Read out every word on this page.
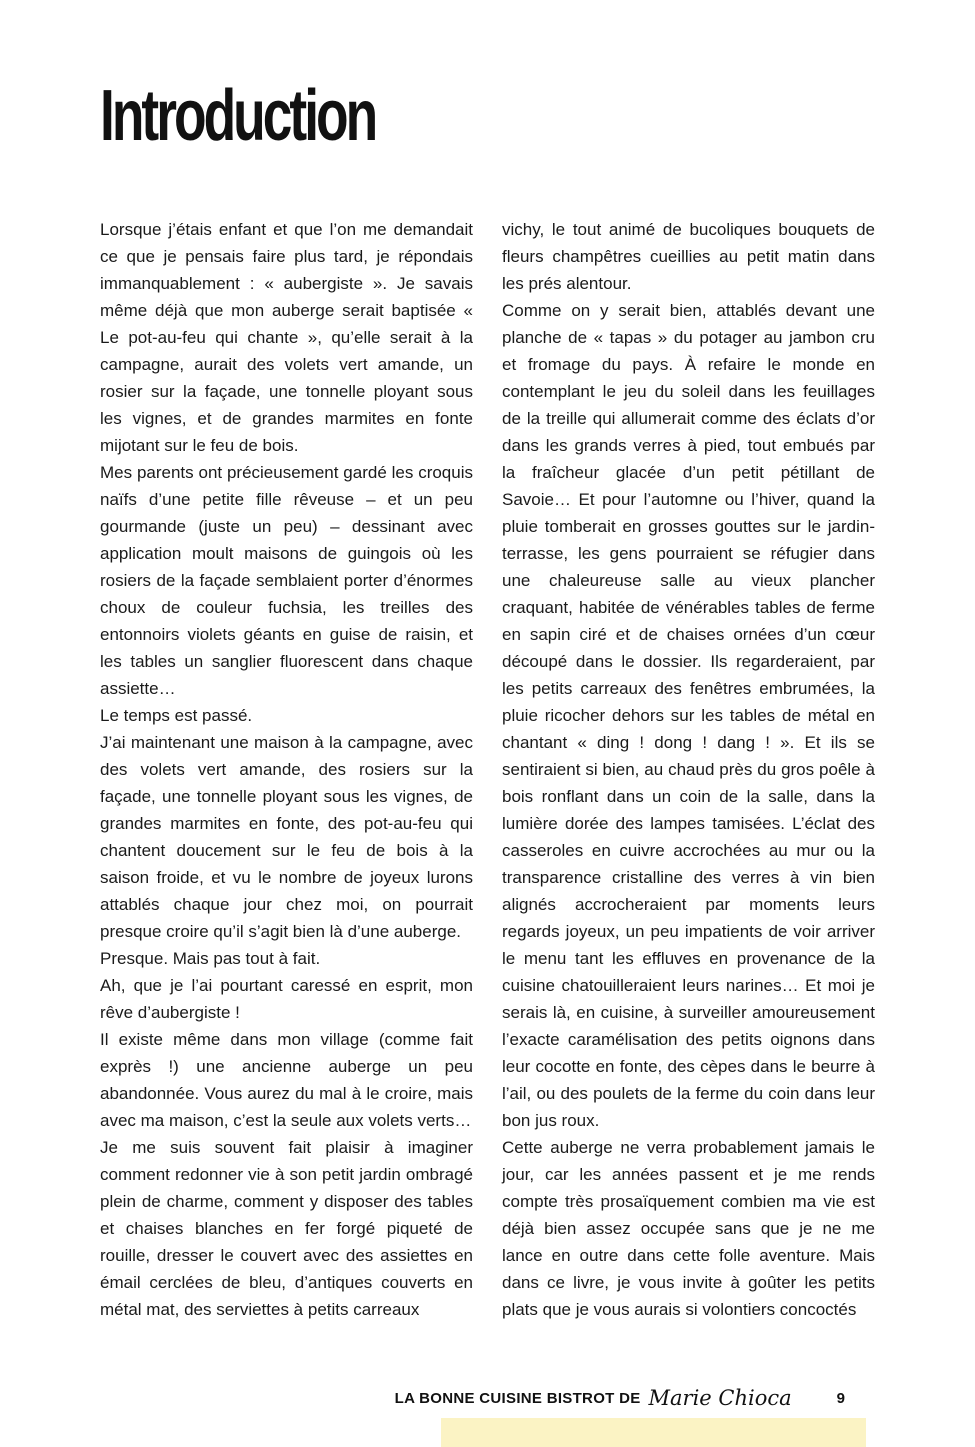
Introduction

Lorsque j’étais enfant et que l’on me demandait ce que je pensais faire plus tard, je répondais immanquablement : « aubergiste ». Je savais même déjà que mon auberge serait baptisée « Le pot-au-feu qui chante », qu’elle serait à la campagne, aurait des volets vert amande, un rosier sur la façade, une tonnelle ployant sous les vignes, et de grandes marmites en fonte mijotant sur le feu de bois.

Mes parents ont précieusement gardé les croquis naïfs d’une petite fille rêveuse – et un peu gourmande (juste un peu) – dessinant avec application moult maisons de guingois où les rosiers de la façade semblaient porter d’énormes choux de couleur fuchsia, les treilles des entonnoirs violets géants en guise de raisin, et les tables un sanglier fluorescent dans chaque assiette…

Le temps est passé.

J’ai maintenant une maison à la campagne, avec des volets vert amande, des rosiers sur la façade, une tonnelle ployant sous les vignes, de grandes marmites en fonte, des pot-au-feu qui chantent doucement sur le feu de bois à la saison froide, et vu le nombre de joyeux lurons attablés chaque jour chez moi, on pourrait presque croire qu’il s’agit bien là d’une auberge.

Presque. Mais pas tout à fait.

Ah, que je l’ai pourtant caressé en esprit, mon rêve d’aubergiste !

Il existe même dans mon village (comme fait exprès !) une ancienne auberge un peu abandonnée. Vous aurez du mal à le croire, mais avec ma maison, c’est la seule aux volets verts…

Je me suis souvent fait plaisir à imaginer comment redonner vie à son petit jardin ombragé plein de charme, comment y disposer des tables et chaises blanches en fer forgé piqueté de rouille, dresser le couvert avec des assiettes en émail cerclées de bleu, d’antiques couverts en métal mat, des serviettes à petits carreaux

vichy, le tout animé de bucoliques bouquets de fleurs champêtres cueillies au petit matin dans les prés alentour.

Comme on y serait bien, attablés devant une planche de « tapas » du potager au jambon cru et fromage du pays. À refaire le monde en contemplant le jeu du soleil dans les feuillages de la treille qui allumerait comme des éclats d’or dans les grands verres à pied, tout embués par la fraîcheur glacée d’un petit pétillant de Savoie… Et pour l’automne ou l’hiver, quand la pluie tomberait en grosses gouttes sur le jardin-terrasse, les gens pourraient se réfugier dans une chaleureuse salle au vieux plancher craquant, habitée de vénérables tables de ferme en sapin ciré et de chaises ornées d’un cœur découpé dans le dossier. Ils regarderaient, par les petits carreaux des fenêtres embrumées, la pluie ricocher dehors sur les tables de métal en chantant « ding ! dong ! dang ! ». Et ils se sentiraient si bien, au chaud près du gros poêle à bois ronflant dans un coin de la salle, dans la lumière dorée des lampes tamisées. L’éclat des casseroles en cuivre accrochées au mur ou la transparence cristalline des verres à vin bien alignés accrocheraient par moments leurs regards joyeux, un peu impatients de voir arriver le menu tant les effluves en provenance de la cuisine chatouilleraient leurs narines… Et moi je serais là, en cuisine, à surveiller amoureusement l’exacte caramélisation des petits oignons dans leur cocotte en fonte, des cèpes dans le beurre à l’ail, ou des poulets de la ferme du coin dans leur bon jus roux.

Cette auberge ne verra probablement jamais le jour, car les années passent et je me rends compte très prosaïquement combien ma vie est déjà bien assez occupée sans que je ne me lance en outre dans cette folle aventure. Mais dans ce livre, je vous invite à goûter les petits plats que je vous aurais si volontiers concoctés

LA BONNE CUISINE BISTROT DE Marie Chioca	9
